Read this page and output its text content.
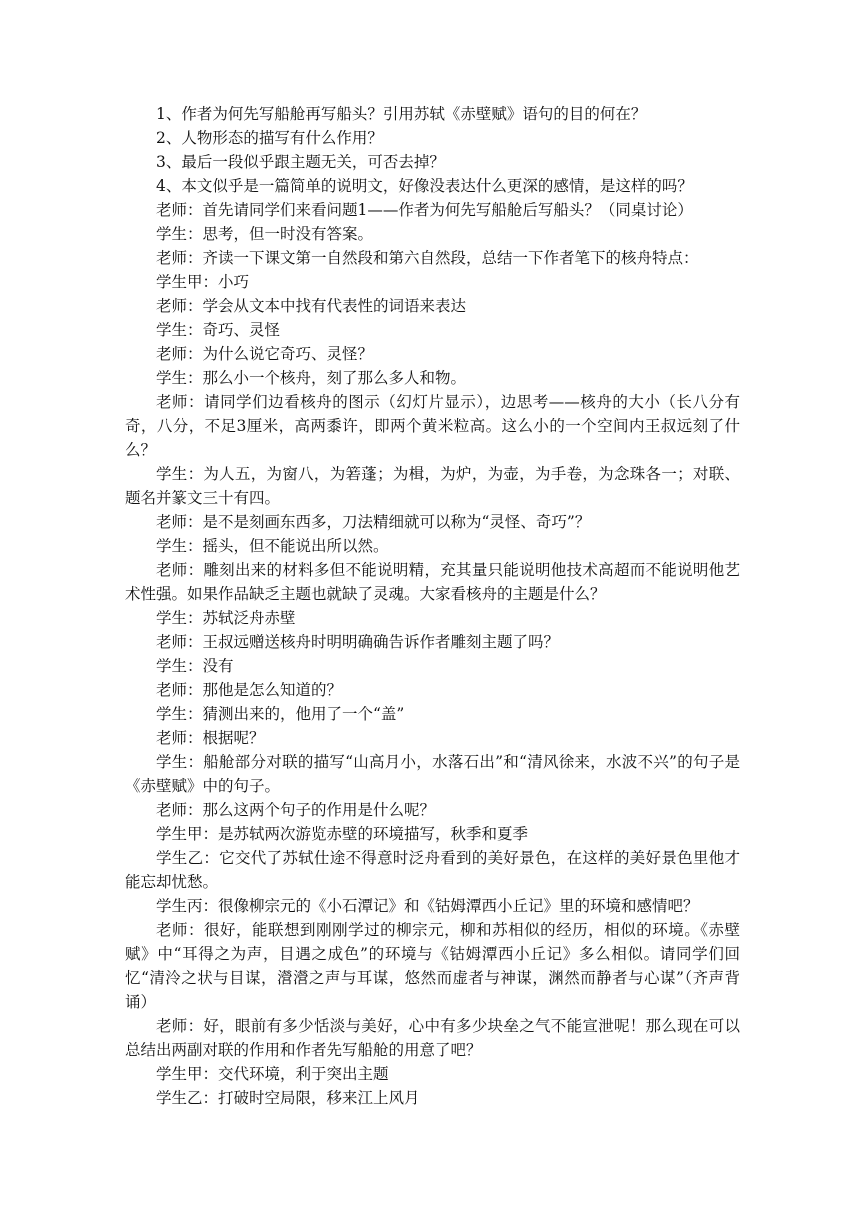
1、作者为何先写船舱再写船头？引用苏轼《赤壁赋》语句的目的何在？

2、人物形态的描写有什么作用？

3、最后一段似乎跟主题无关，可否去掉？

4、本文似乎是一篇简单的说明文，好像没表达什么更深的感情，是这样的吗？

老师：首先请同学们来看问题1——作者为何先写船舱后写船头？（同桌讨论）

学生：思考，但一时没有答案。

老师：齐读一下课文第一自然段和第六自然段，总结一下作者笔下的核舟特点：

学生甲：小巧

老师：学会从文本中找有代表性的词语来表达

学生：奇巧、灵怪

老师：为什么说它奇巧、灵怪？

学生：那么小一个核舟，刻了那么多人和物。

老师：请同学们边看核舟的图示（幻灯片显示），边思考——核舟的大小（长八分有奇，八分，不足3厘米，高两黍许，即两个黄米粒高。这么小的一个空间内王叔远刻了什么？

学生：为人五，为窗八，为箬蓬；为楫，为炉，为壶，为手卷，为念珠各一；对联、题名并篆文三十有四。

老师：是不是刻画东西多，刀法精细就可以称为“灵怪、奇巧”？

学生：摇头，但不能说出所以然。

老师：雕刻出来的材料多但不能说明精，充其量只能说明他技术高超而不能说明他艺术性强。如果作品缺乏主题也就缺了灵魂。大家看核舟的主题是什么？

学生：苏轼泛舟赤壁

老师：王叔远赠送核舟时明明确确告诉作者雕刻主题了吗？

学生：没有

老师：那他是怎么知道的？

学生：猜测出来的，他用了一个“盖”

老师：根据呢？

学生：船舱部分对联的描写“山高月小，水落石出”和“清风徐来，水波不兴”的句子是《赤壁赋》中的句子。

老师：那么这两个句子的作用是什么呢？

学生甲：是苏轼两次游览赤壁的环境描写，秋季和夏季

学生乙：它交代了苏轼仕途不得意时泛舟看到的美好景色，在这样的美好景色里他才能忘却忧愁。

学生丙：很像柳宗元的《小石潭记》和《钴姆潭西小丘记》里的环境和感情吧？

老师：很好，能联想到刚刚学过的柳宗元，柳和苏相似的经历，相似的环境。《赤壁赋》中“耳得之为声，目遇之成色”的环境与《钴姆潭西小丘记》多么相似。请同学们回忆“清泠之状与目谋，瀯瀯之声与耳谋，悠然而虚者与神谋，渊然而静者与心谋”（齐声背诵）

老师：好，眼前有多少恬淡与美好，心中有多少块垒之气不能宣泄呢！那么现在可以总结出两副对联的作用和作者先写船舱的用意了吧？

学生甲：交代环境，利于突出主题

学生乙：打破时空局限，移来江上风月
